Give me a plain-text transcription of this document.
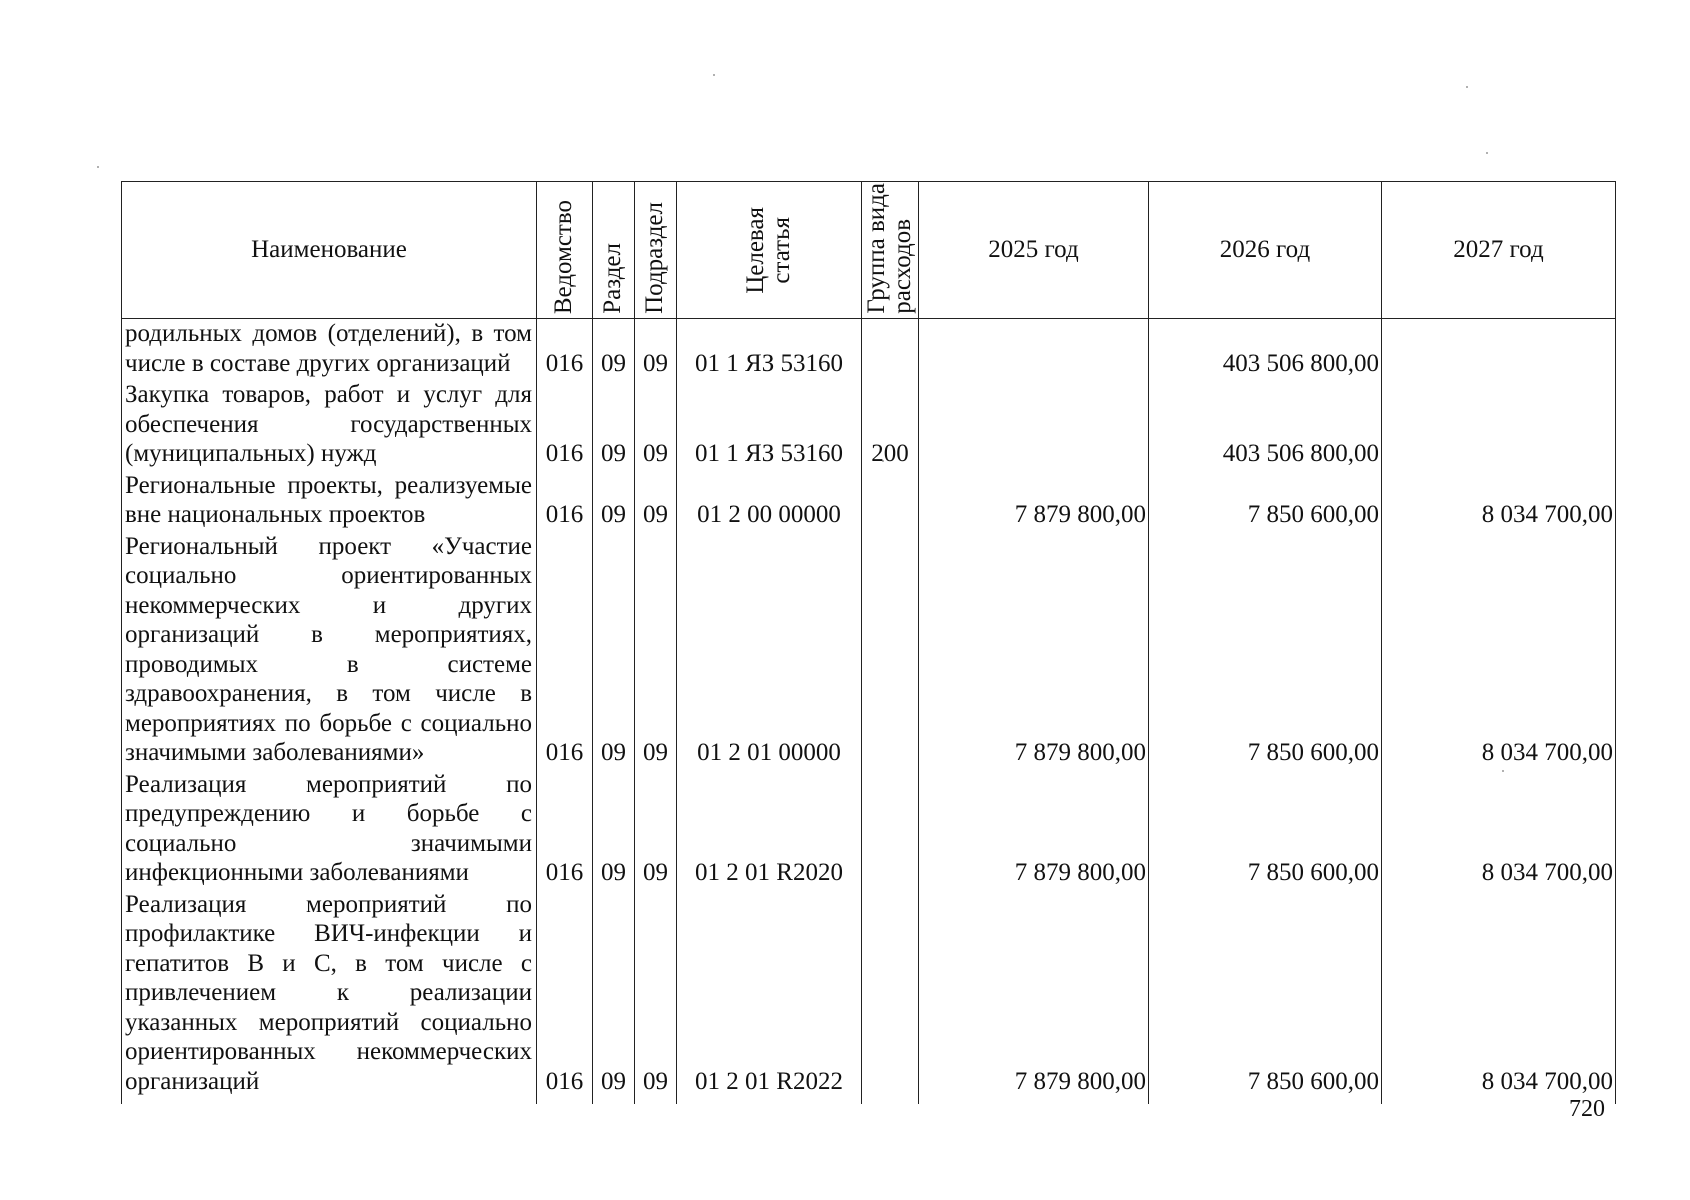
Наименование	Ведомство	Раздел	Подраздел	Целевая статья	Группа вида расходов	2025 год	2026 год	2027 год
родильных домов (отделений), в том числе в составе других организаций	016	09	09	01 1 ЯЗ 53160			403 506 800,00	
Закупка товаров, работ и услуг для обеспечения государственных (муниципальных) нужд	016	09	09	01 1 ЯЗ 53160	200		403 506 800,00	
Региональные проекты, реализуемые вне национальных проектов	016	09	09	01 2 00 00000		7 879 800,00	7 850 600,00	8 034 700,00
Региональный проект «Участие социально ориентированных некоммерческих и других организаций в мероприятиях, проводимых в системе здравоохранения, в том числе в мероприятиях по борьбе с социально значимыми заболеваниями»	016	09	09	01 2 01 00000		7 879 800,00	7 850 600,00	8 034 700,00
Реализация мероприятий по предупреждению и борьбе с социально значимыми инфекционными заболеваниями	016	09	09	01 2 01 R2020		7 879 800,00	7 850 600,00	8 034 700,00
Реализация мероприятий по профилактике ВИЧ-инфекции и гепатитов В и С, в том числе с привлечением к реализации указанных мероприятий социально ориентированных некоммерческих организаций	016	09	09	01 2 01 R2022		7 879 800,00	7 850 600,00	8 034 700,00
720
